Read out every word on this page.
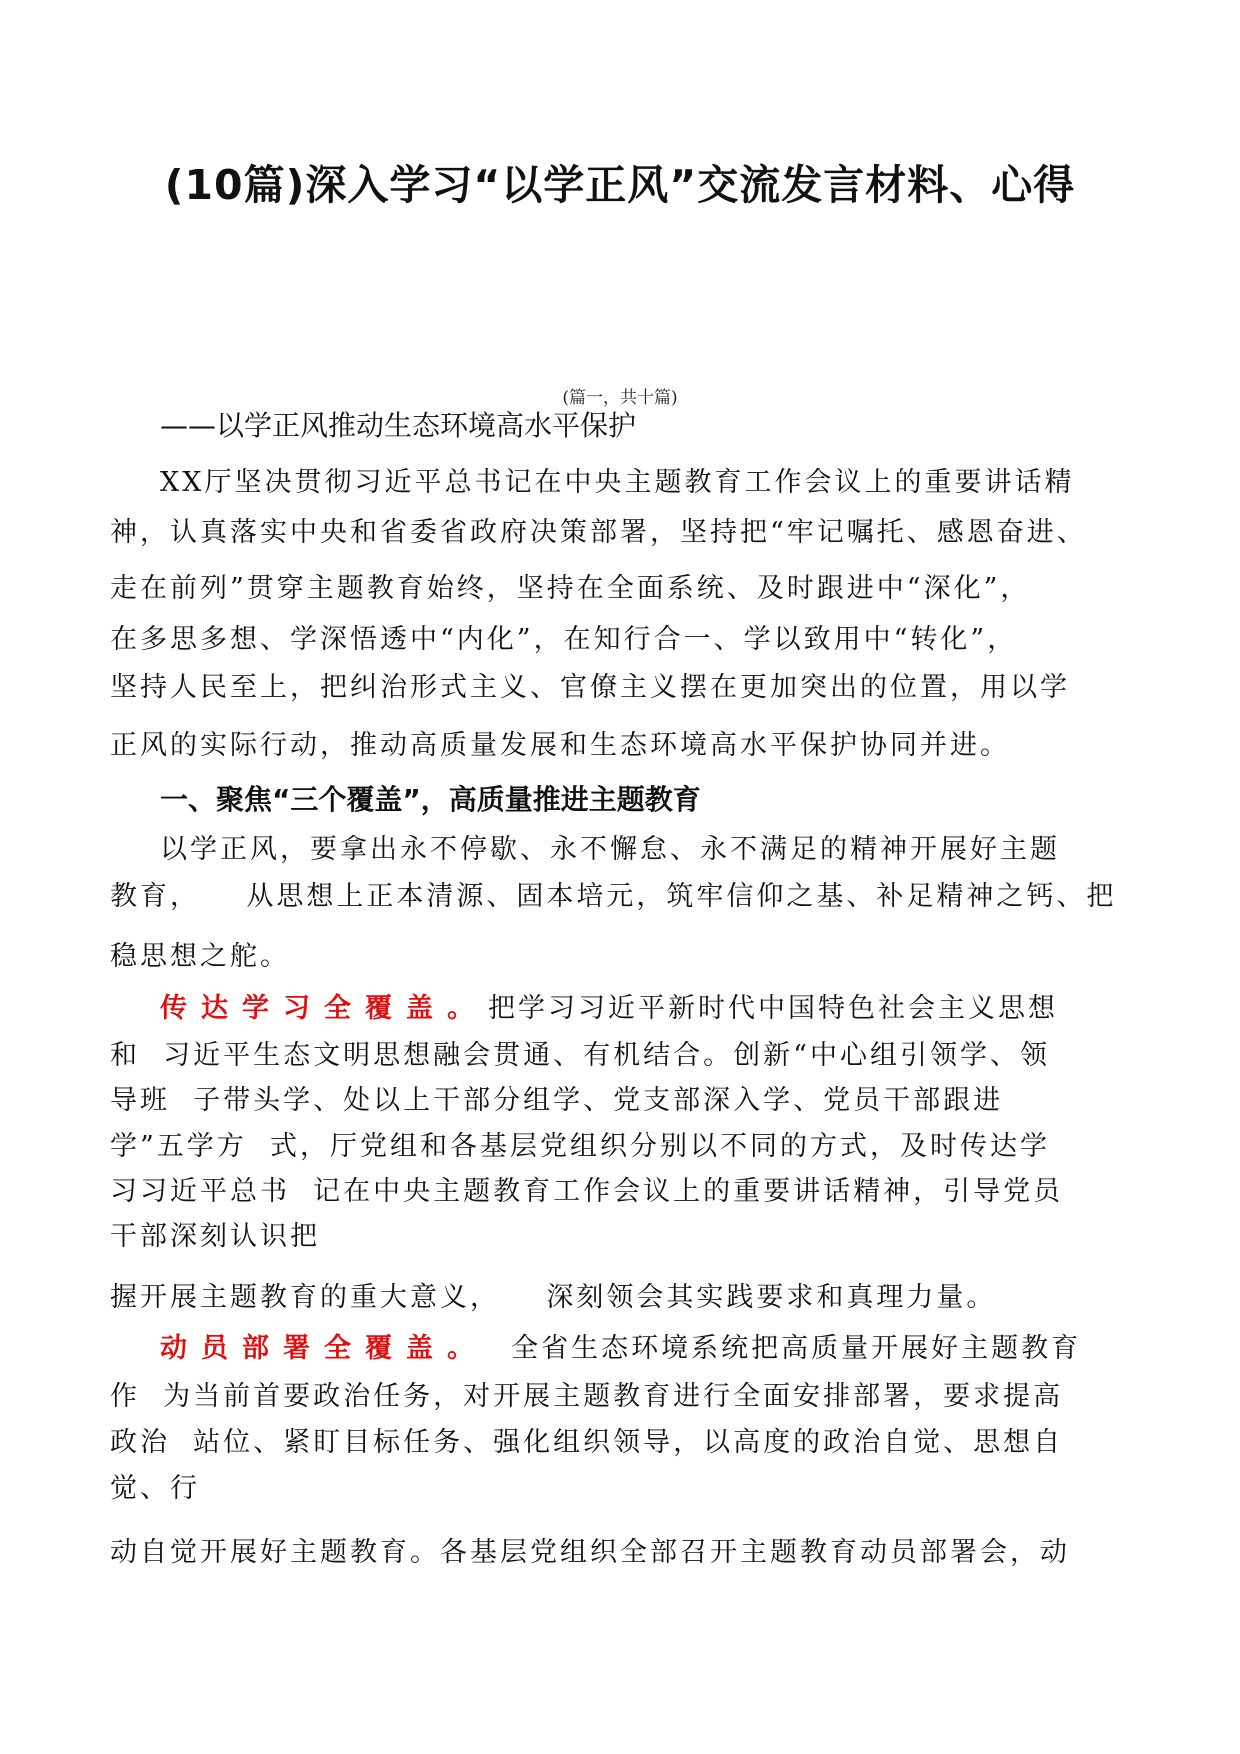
(10篇)深入学习“以学正风”交流发言材料、心得
(篇一，共十篇)
——以学正风推动生态环境高水平保护
XX厅坚决贯彻习近平总书记在中央主题教育工作会议上的重要讲话精
神，认真落实中央和省委省政府决策部署，坚持把“牢记嘱托、感恩奋进、
走在前列”贯穿主题教育始终，坚持在全面系统、及时跟进中“深化”，
在多思多想、学深悟透中“内化”，在知行合一、学以致用中“转化”，
坚持人民至上，把纠治形式主义、官僚主义摆在更加突出的位置，用以学
正风的实际行动，推动高质量发展和生态环境高水平保护协同并进。
一、聚焦“三个覆盖”，高质量推进主题教育
以学正风，要拿出永不停歇、永不懈怠、永不满足的精神开展好主题
教育，    从思想上正本清源、固本培元，筑牢信仰之基、补足精神之钙、把
稳思想之舵。
传达学习全覆盖。把学习习近平新时代中国特色社会主义思想
和  习近平生态文明思想融会贯通、有机结合。创新“中心组引领学、领
导班  子带头学、处以上干部分组学、党支部深入学、党员干部跟进
学”五学方  式，厅党组和各基层党组织分别以不同的方式，及时传达学
习习近平总书  记在中央主题教育工作会议上的重要讲话精神，引导党员
干部深刻认识把
握开展主题教育的重大意义，    深刻领会其实践要求和真理力量。
动员部署全覆盖。  全省生态环境系统把高质量开展好主题教育
作  为当前首要政治任务，对开展主题教育进行全面安排部署，要求提高
政治  站位、紧盯目标任务、强化组织领导，以高度的政治自觉、思想自
觉、行
动自觉开展好主题教育。各基层党组织全部召开主题教育动员部署会，动
